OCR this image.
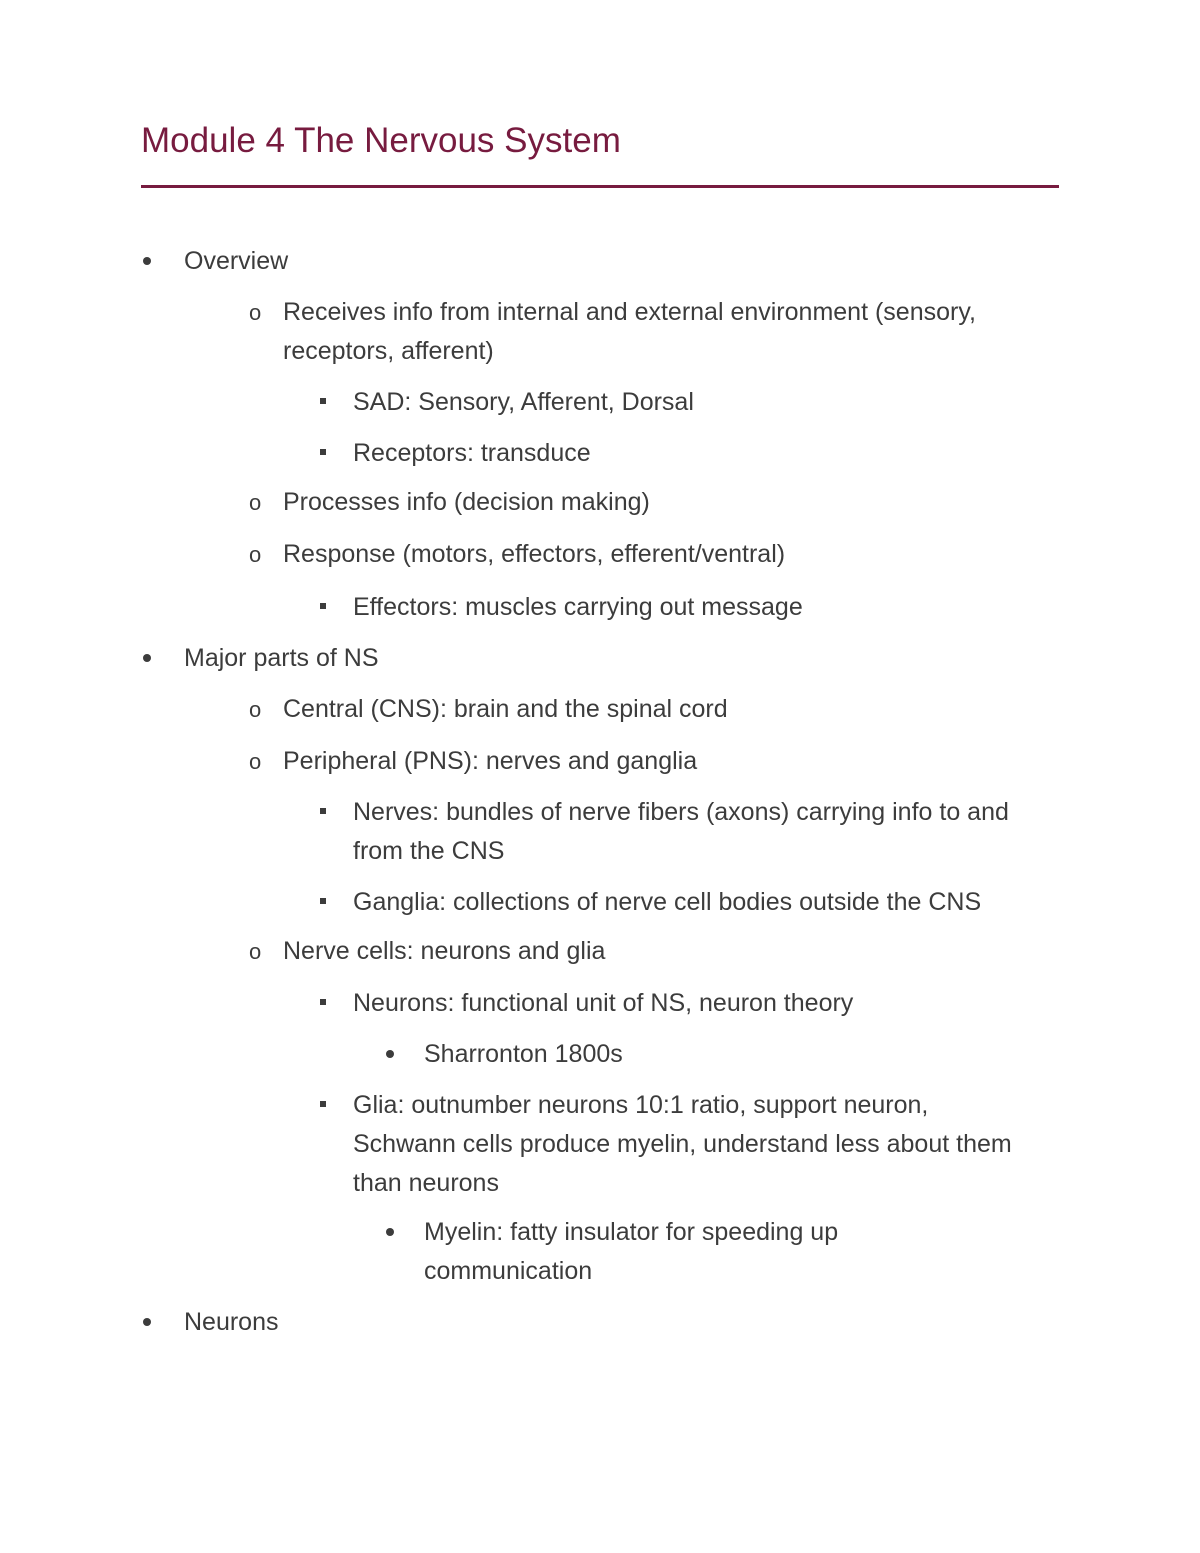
Module 4 The Nervous System
Overview
o Receives info from internal and external environment (sensory,
receptors, afferent)
SAD: Sensory, Afferent, Dorsal
Receptors: transduce
o Processes info (decision making)
o Response (motors, effectors, efferent/ventral)
Effectors: muscles carrying out message
Major parts of NS
o Central (CNS): brain and the spinal cord
o Peripheral (PNS): nerves and ganglia
Nerves: bundles of nerve fibers (axons) carrying info to and
from the CNS
Ganglia: collections of nerve cell bodies outside the CNS
o Nerve cells: neurons and glia
Neurons: functional unit of NS, neuron theory
Sharronton 1800s
Glia: outnumber neurons 10:1 ratio, support neuron,
Schwann cells produce myelin, understand less about them
than neurons
Myelin: fatty insulator for speeding up
communication
Neurons
